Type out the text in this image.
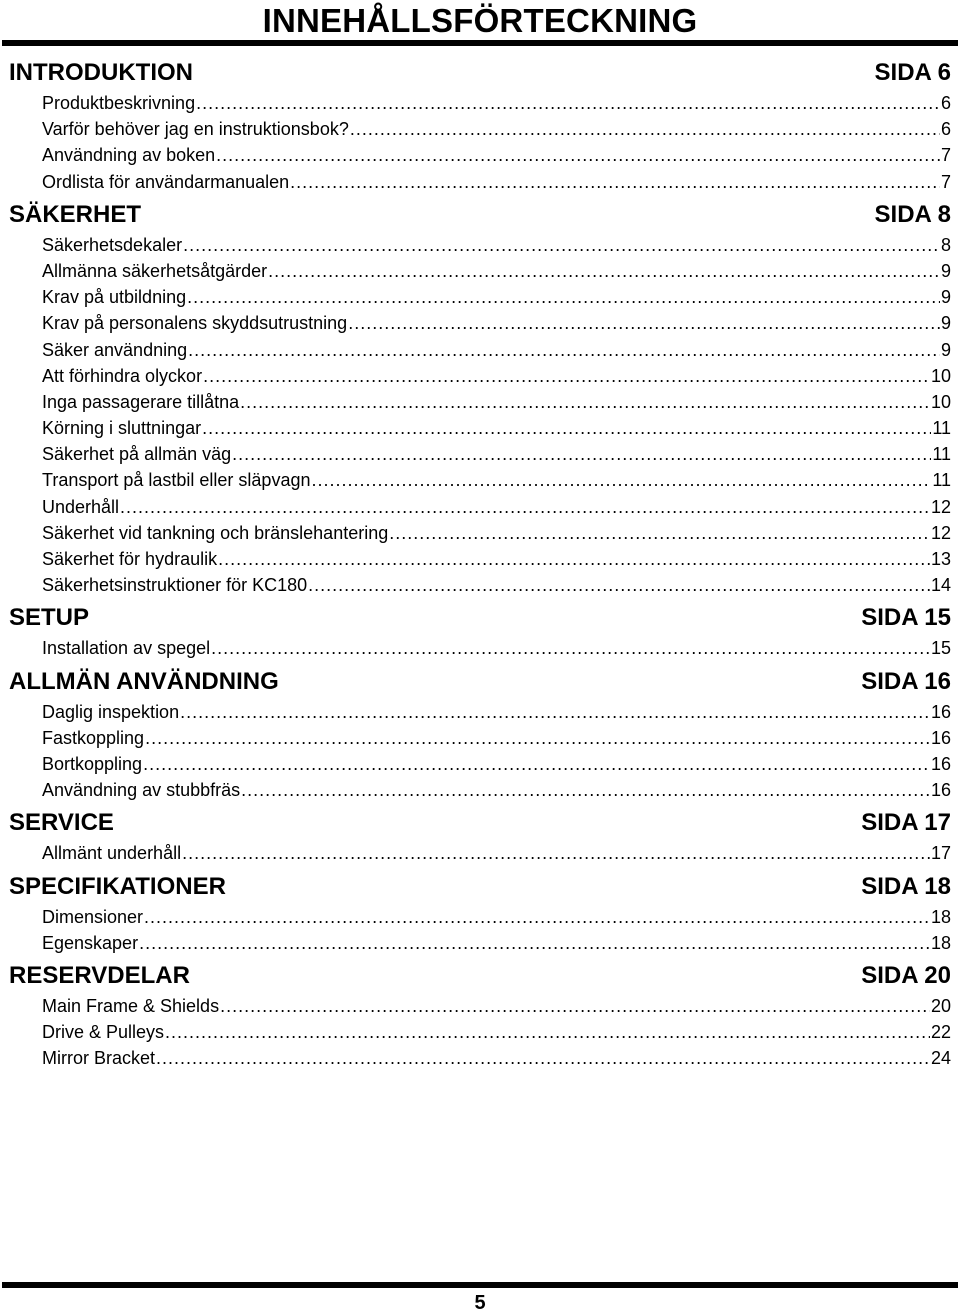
INNEHÅLLSFÖRTECKNING
INTRODUKTION	SIDA 6
Produktbeskrivning .....	6
Varför behöver jag en instruktionsbok? .....	6
Användning av boken .....	7
Ordlista för användarmanualen .....	7
SÄKERHET	SIDA 8
Säkerhetsdekaler .....	8
Allmänna säkerhetsåtgärder .....	9
Krav på utbildning .....	9
Krav på personalens skyddsutrustning .....	9
Säker användning .....	9
Att förhindra olyckor .....	10
Inga passagerare tillåtna .....	10
Körning i sluttningar .....	11
Säkerhet på allmän väg .....	11
Transport på lastbil eller släpvagn .....	11
Underhåll .....	12
Säkerhet vid tankning och bränslehantering .....	12
Säkerhet för hydraulik .....	13
Säkerhetsinstruktioner för KC180 .....	14
SETUP	SIDA 15
Installation av spegel .....	15
ALLMÄN ANVÄNDNING	SIDA 16
Daglig inspektion .....	16
Fastkoppling .....	16
Bortkoppling .....	16
Användning av stubbfräs .....	16
SERVICE	SIDA 17
Allmänt underhåll .....	17
SPECIFIKATIONER	SIDA 18
Dimensioner .....	18
Egenskaper .....	18
RESERVDELAR	SIDA 20
Main Frame & Shields .....	20
Drive & Pulleys .....	22
Mirror Bracket .....	24
5
